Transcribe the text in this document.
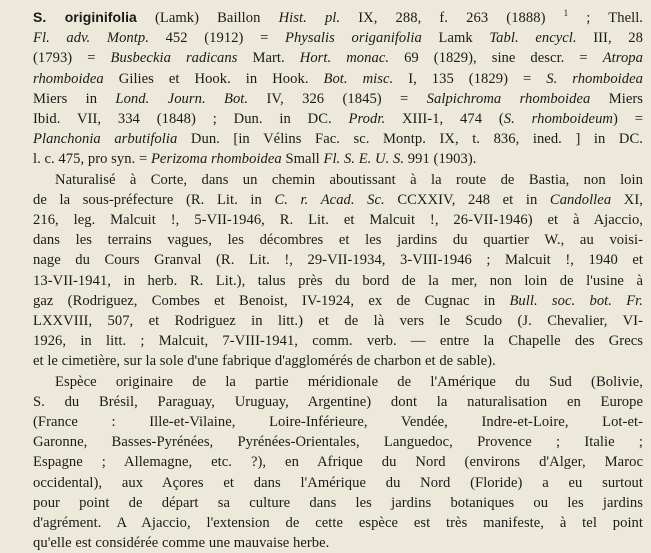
S. originifolia (Lamk) Baillon Hist. pl. IX, 288, f. 263 (1888) $^1$ ; Thell.
Fl. adv. Montp. 452 (1912) = Physalis origanifolia Lamk Tabl. encycl. III, 28
(1793) = Busbeckia radicans Mart. Hort. monac. 69 (1829), sine descr. = Atropa
rhomboidea Gilies et Hook. in Hook. Bot. misc. I, 135 (1829) = S. rhomboidea
Miers in Lond. Journ. Bot. IV, 326 (1845) = Salpichroma rhomboidea Miers
Ibid. VII, 334 (1848) ; Dun. in DC. Prodr. XIII-1, 474 (S. rhomboideum) =
Planchonia arbutifolia Dun. [in Vélins Fac. sc. Montp. IX, t. 836, ined. ] in DC.
l. c. 475, pro syn. = Perizoma rhomboidea Small Fl. S. E. U. S. 991 (1903).
Naturalisé à Corte, dans un chemin aboutissant à la route de Bastia, non loin
de la sous-préfecture (R. Lit. in C. r. Acad. Sc. CCXXIV, 248 et in Candollea XI,
216, leg. Malcuit !, 5-VII-1946, R. Lit. et Malcuit !, 26-VII-1946) et à Ajaccio,
dans les terrains vagues, les décombres et les jardins du quartier W., au voisi-
nage du Cours Granval (R. Lit. !, 29-VII-1934, 3-VIII-1946 ; Malcuit !, 1940 et
13-VII-1941, in herb. R. Lit.), talus près du bord de la mer, non loin de l'usine à
gaz (Rodriguez, Combes et Benoist, IV-1924, ex de Cugnac in Bull. soc. bot. Fr.
LXXVIII, 507, et Rodriguez in litt.) et de là vers le Scudo (J. Chevalier, VI-
1926, in litt. ; Malcuit, 7-VIII-1941, comm. verb. — entre la Chapelle des Grecs
et le cimetière, sur la sole d'une fabrique d'agglomérés de charbon et de sable).
Espèce originaire de la partie méridionale de l'Amérique du Sud (Bolivie,
S. du Brésil, Paraguay, Uruguay, Argentine) dont la naturalisation en Europe
(France : Ille-et-Vilaine, Loire-Inférieure, Vendée, Indre-et-Loire, Lot-et-
Garonne, Basses-Pyrénées, Pyrénées-Orientales, Languedoc, Provence ; Italie ;
Espagne ; Allemagne, etc. ?), en Afrique du Nord (environs d'Alger, Maroc
occidental), aux Açores et dans l'Amérique du Nord (Floride) a eu surtout
pour point de départ sa culture dans les jardins botaniques ou les jardins
d'agrément. A Ajaccio, l'extension de cette espèce est très manifeste, à tel point
qu'elle est considérée comme une mauvaise herbe.
